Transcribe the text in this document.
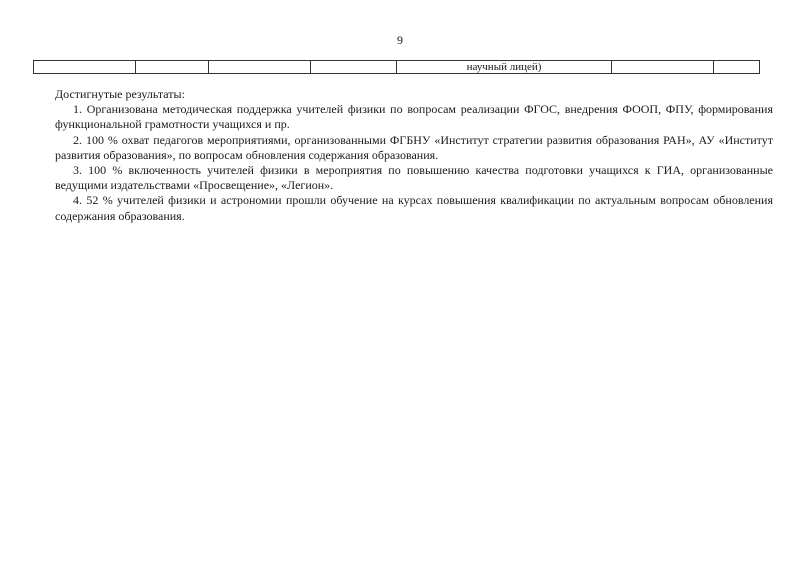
9
				научный лицей)		

Достигнутые результаты:

1. Организована методическая поддержка учителей физики по вопросам реализации ФГОС, внедрения ФООП, ФПУ, формирования функциональной грамотности учащихся и пр.

2. 100 % охват педагогов мероприятиями, организованными ФГБНУ «Институт стратегии развития образования РАН», АУ «Институт развития образования», по вопросам обновления содержания образования.

3. 100 % включенность учителей физики в мероприятия по повышению качества подготовки учащихся к ГИА, организованные ведущими издательствами «Просвещение», «Легион».

4. 52 % учителей физики и астрономии прошли обучение на курсах повышения квалификации по актуальным вопросам обновления содержания образования.
